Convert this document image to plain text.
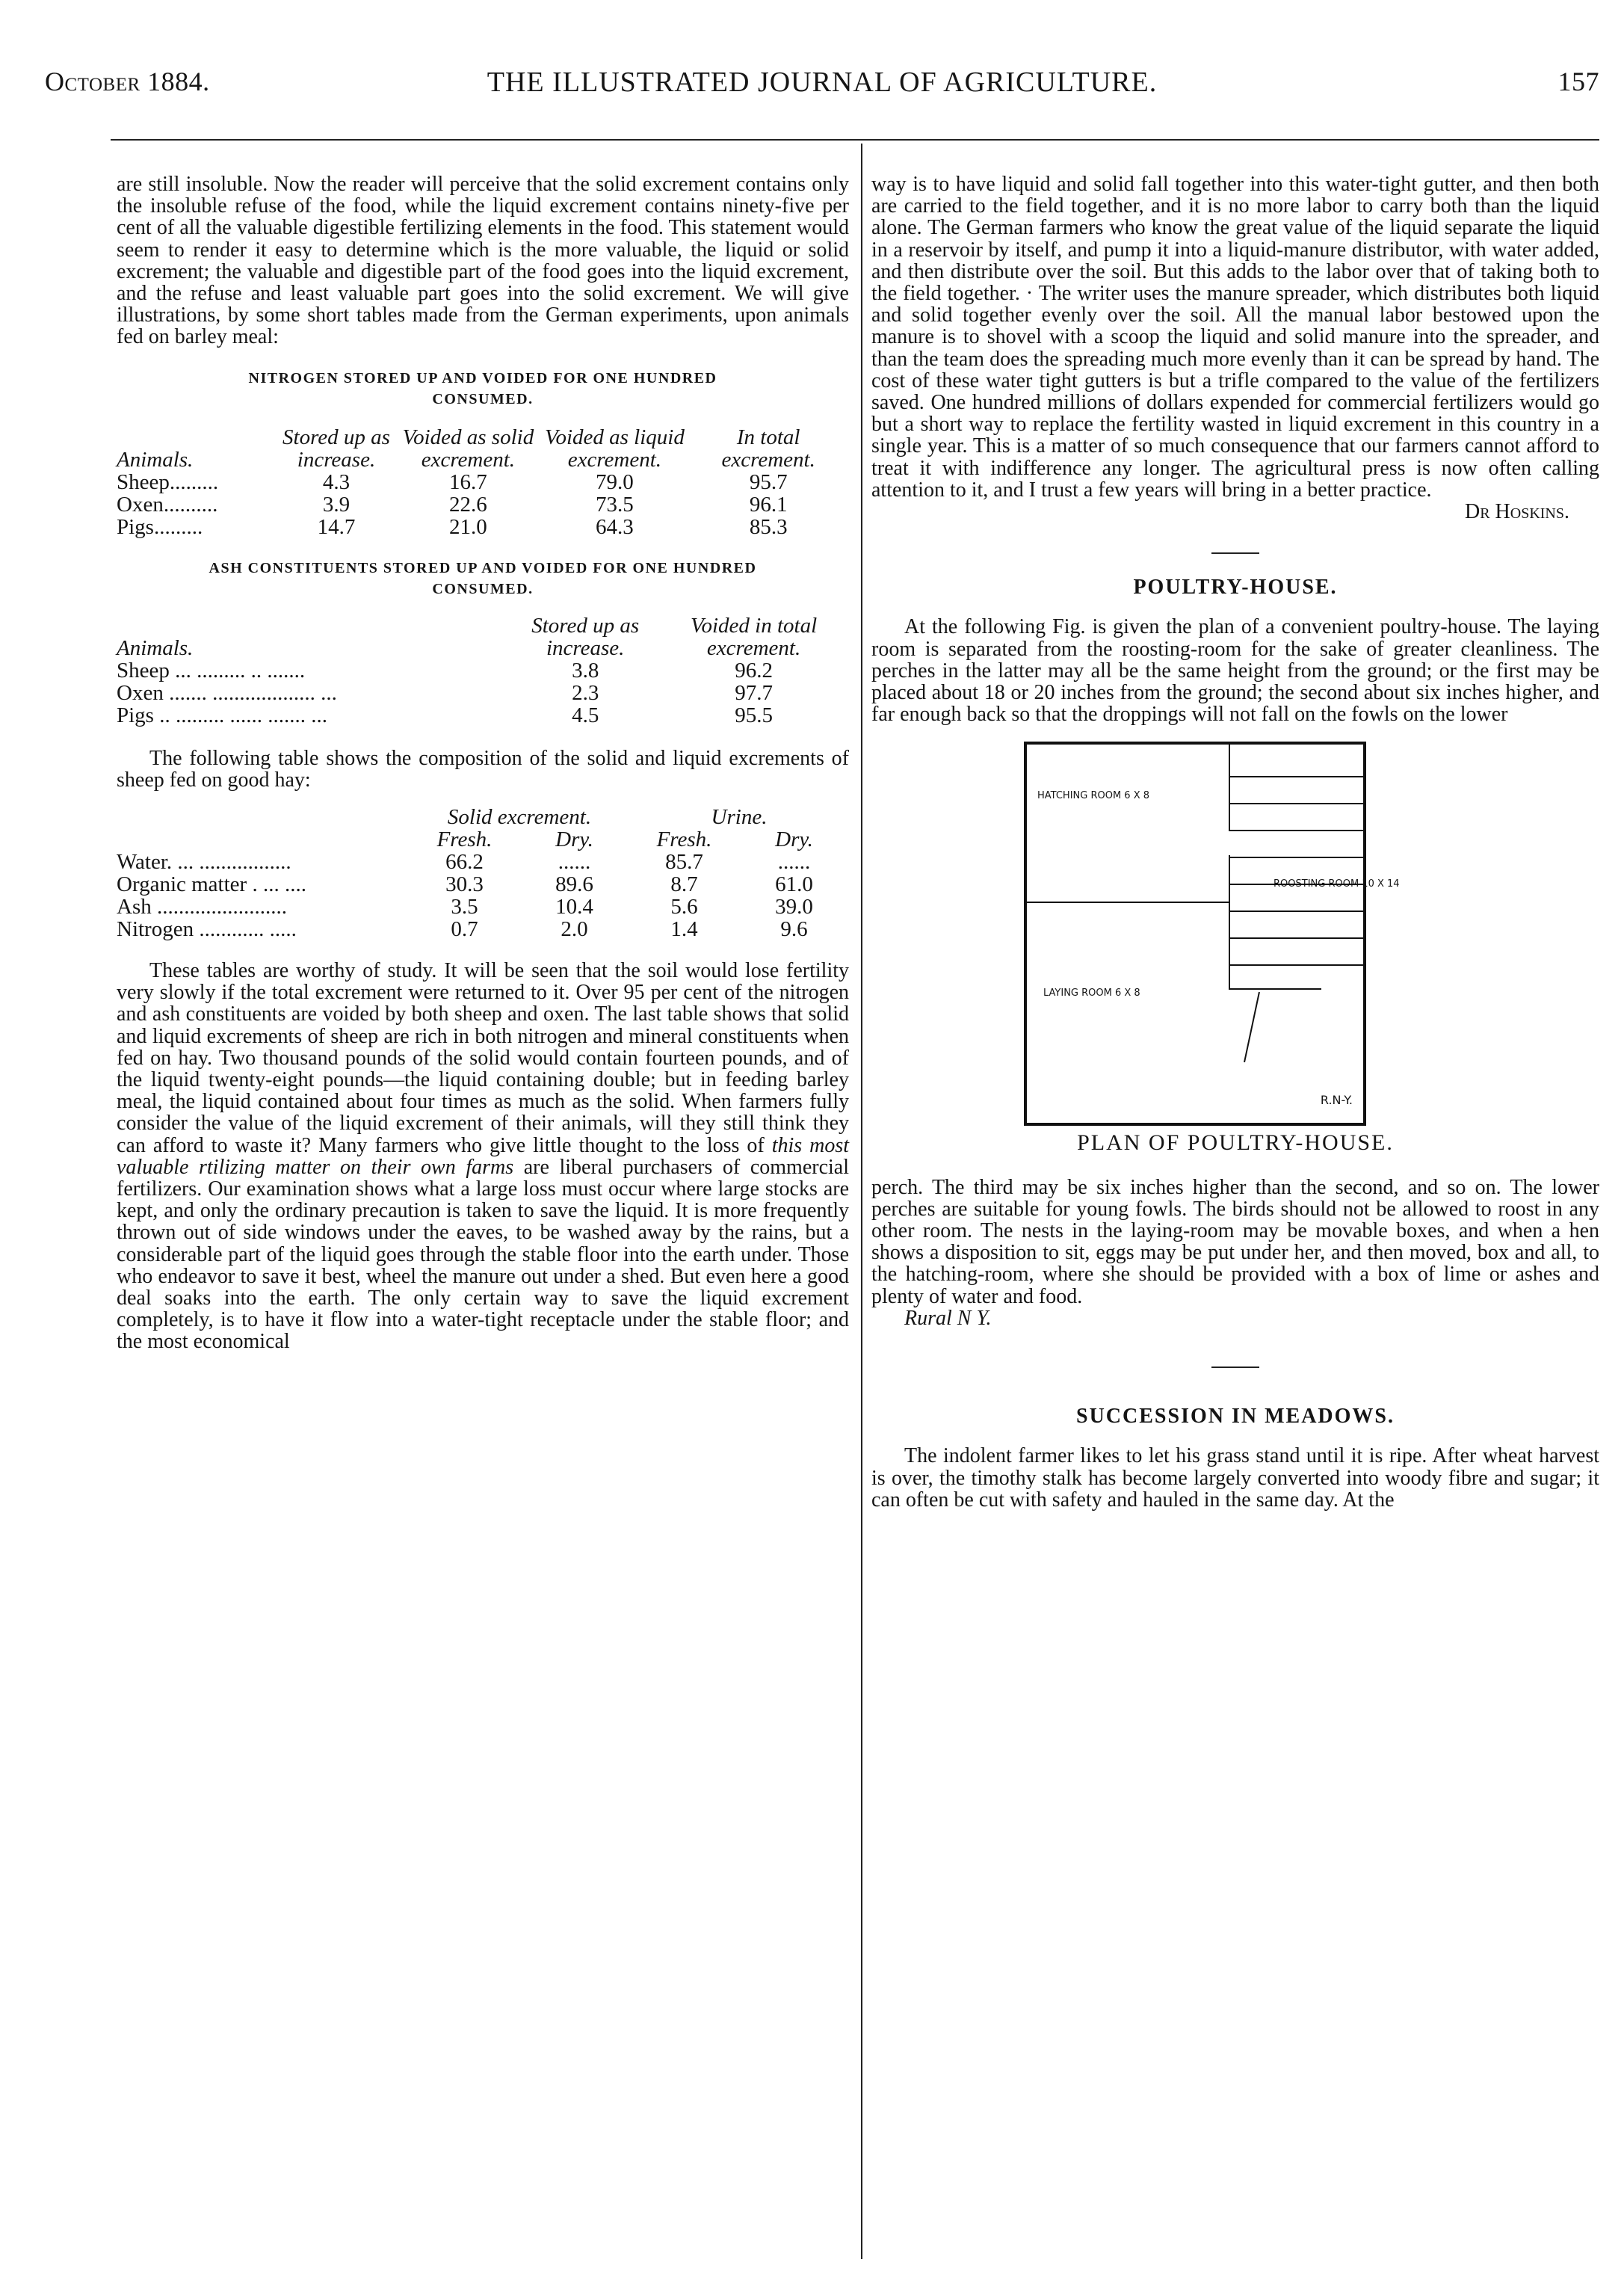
October 1884.	THE ILLUSTRATED JOURNAL OF AGRICULTURE.	157

are still insoluble. Now the reader will perceive that the solid excrement contains only the insoluble refuse of the food, while the liquid excrement contains ninety-five per cent of all the valuable digestible fertilizing elements in the food. This statement would seem to render it easy to determine which is the more valuable, the liquid or solid excrement; the valuable and digestible part of the food goes into the liquid excrement, and the refuse and least valuable part goes into the solid excrement. We will give illustrations, by some short tables made from the German experiments, upon animals fed on barley meal:

NITROGEN STORED UP AND VOIDED FOR ONE HUNDRED CONSUMED.
Animals.	Stored up as increase.	Voided as solid excrement.	Voided as liquid excrement.	In total excrement.
Sheep.........	4.3	16.7	79.0	95.7
Oxen..........	3.9	22.6	73.5	96.1
Pigs.........	14.7	21.0	64.3	85.3
ASH CONSTITUENTS STORED UP AND VOIDED FOR ONE HUNDRED CONSUMED.
Animals.	Stored up as increase.	Voided in total excrement.
Sheep ... ......... .. .......	3.8	96.2
Oxen ....... ................... ...	2.3	97.7
Pigs .. ......... ...... ....... ...	4.5	95.5

The following table shows the composition of the solid and liquid excrements of sheep fed on good hay:

	Solid excrement.		Urine.	
	Fresh.	Dry.	Fresh.	Dry.
Water. ... .................	66.2	......	85.7	......
Organic matter . ... ....	30.3	89.6	8.7	61.0
Ash ........................	3.5	10.4	5.6	39.0
Nitrogen ............ .....	0.7	2.0	1.4	9.6

These tables are worthy of study. It will be seen that the soil would lose fertility very slowly if the total excrement were returned to it. Over 95 per cent of the nitrogen and ash constituents are voided by both sheep and oxen. The last table shows that solid and liquid excrements of sheep are rich in both nitrogen and mineral constituents when fed on hay. Two thousand pounds of the solid would contain fourteen pounds, and of the liquid twenty-eight pounds—the liquid containing double; but in feeding barley meal, the liquid contained about four times as much as the solid. When farmers fully consider the value of the liquid excrement of their animals, will they still think they can afford to waste it? Many farmers who give little thought to the loss of this most valuable rtilizing matter on their own farms are liberal purchasers of commercial fertilizers. Our examination shows what a large loss must occur where large stocks are kept, and only the ordinary precaution is taken to save the liquid. It is more frequently thrown out of side windows under the eaves, to be washed away by the rains, but a considerable part of the liquid goes through the stable floor into the earth under. Those who endeavor to save it best, wheel the manure out under a shed. But even here a good deal soaks into the earth. The only certain way to save the liquid excrement completely, is to have it flow into a water-tight receptacle under the stable floor; and the most economical

way is to have liquid and solid fall together into this water-tight gutter, and then both are carried to the field together, and it is no more labor to carry both than the liquid alone. The German farmers who know the great value of the liquid separate the liquid in a reservoir by itself, and pump it into a liquid-manure distributor, with water added, and then distribute over the soil. But this adds to the labor over that of taking both to the field together. · The writer uses the manure spreader, which distributes both liquid and solid together evenly over the soil. All the manual labor bestowed upon the manure is to shovel with a scoop the liquid and solid manure into the spreader, and than the team does the spreading much more evenly than it can be spread by hand. The cost of these water tight gutters is but a trifle compared to the value of the fertilizers saved. One hundred millions of dollars expended for commercial fertilizers would go but a short way to replace the fertility wasted in liquid excrement in this country in a single year. This is a matter of so much consequence that our farmers cannot afford to treat it with indifference any longer. The agricultural press is now often calling attention to it, and I trust a few years will bring in a better practice.

Dr Hoskins.
POULTRY-HOUSE.

At the following Fig. is given the plan of a convenient poultry-house. The laying room is separated from the roosting-room for the sake of greater cleanliness. The perches in the latter may all be the same height from the ground; or the first may be placed about 18 or 20 inches from the ground; the second about six inches higher, and far enough back so that the droppings will not fall on the fowls on the lower

HATCHING ROOM 6 X 8
ROOSTING ROOM 10 X 14
LAYING ROOM 6 X 8
R.N-Y.
PLAN OF POULTRY-HOUSE.

perch. The third may be six inches higher than the second, and so on. The lower perches are suitable for young fowls. The birds should not be allowed to roost in any other room. The nests in the laying-room may be movable boxes, and when a hen shows a disposition to sit, eggs may be put under her, and then moved, box and all, to the hatching-room, where she should be provided with a box of lime or ashes and plenty of water and food.

Rural N Y.

SUCCESSION IN MEADOWS.

The indolent farmer likes to let his grass stand until it is ripe. After wheat harvest is over, the timothy stalk has become largely converted into woody fibre and sugar; it can often be cut with safety and hauled in the same day. At the
